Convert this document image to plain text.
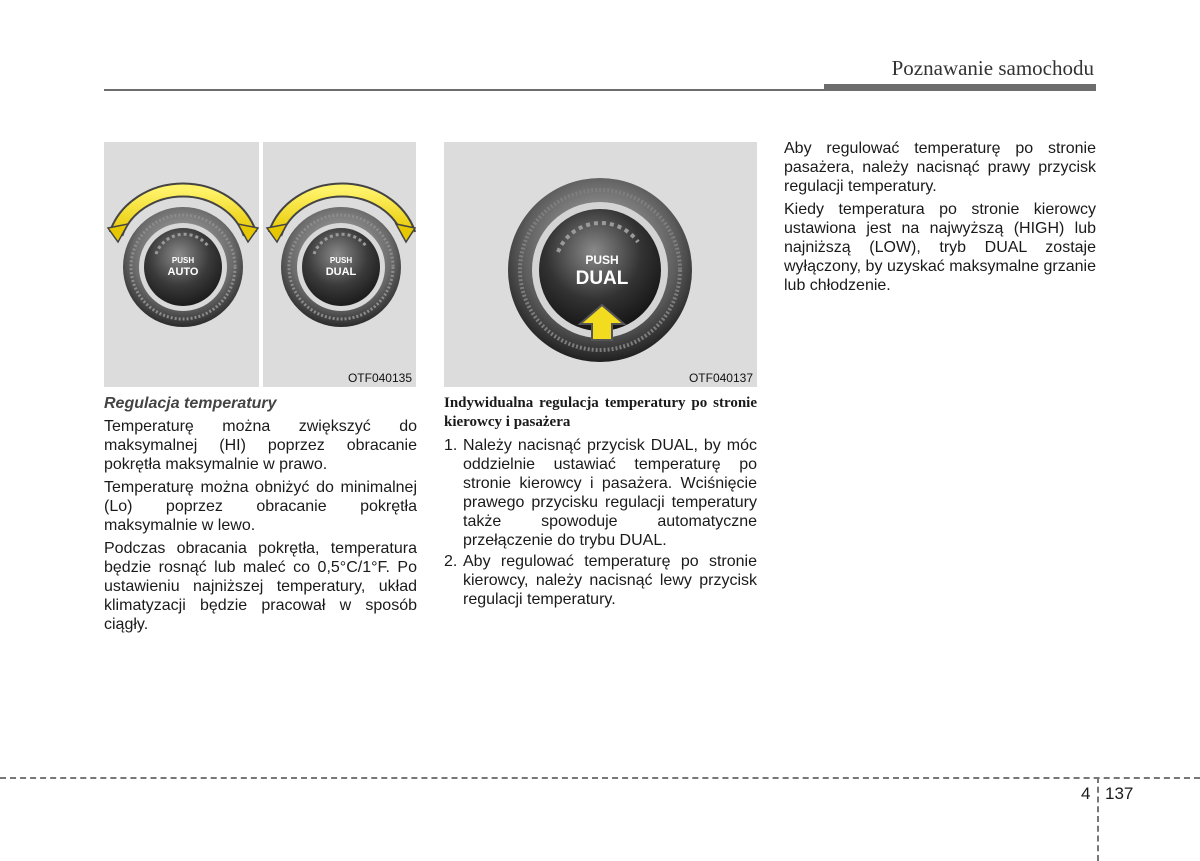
Poznawanie samochodu
PUSH
AUTO
PUSH
DUAL
OTF040135
PUSH
DUAL
OTF040137

Regulacja temperatury

Temperaturę można zwiększyć do maksymalnej (HI) poprzez obracanie pokrętła maksymalnie w prawo.

Temperaturę można obniżyć do minimalnej (Lo) poprzez obracanie pokrętła maksymalnie w lewo.

Podczas obracania pokrętła, temperatura będzie rosnąć lub maleć co 0,5°C/1°F. Po ustawieniu najniższej temperatury, układ klimatyzacji będzie pracował w sposób ciągły.

Indywidualna regulacja temperatury po stronie kierowcy i pasażera

1. Należy nacisnąć przycisk DUAL, by móc oddzielnie ustawiać temperaturę po stronie kierowcy i pasażera. Wciśnięcie prawego przycisku regulacji temperatury także spowoduje automatyczne przełączenie do trybu DUAL.
2. Aby regulować temperaturę po stronie kierowcy, należy nacisnąć lewy przycisk regulacji temperatury.

Aby regulować temperaturę po stronie pasażera, należy nacisnąć prawy przycisk regulacji temperatury.

Kiedy temperatura po stronie kierowcy ustawiona jest na najwyższą (HIGH) lub najniższą (LOW), tryb DUAL zostaje wyłączony, by uzyskać maksymalne grzanie lub chłodzenie.

4 137
